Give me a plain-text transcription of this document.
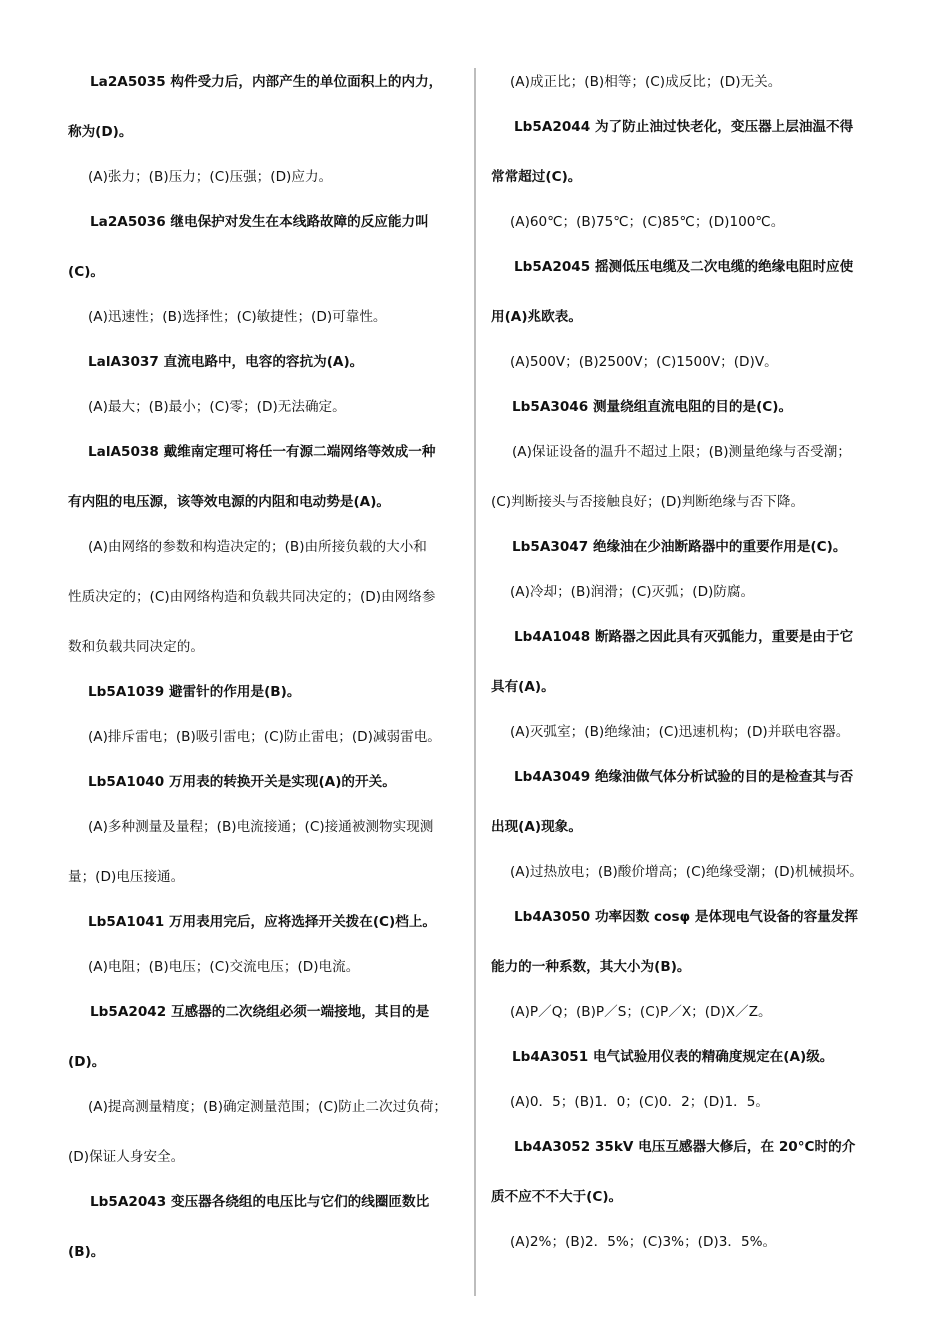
La2A5035 构件受力后，内部产生的单位面积上的内力，
称为(D)。
(A)张力；(B)压力；(C)压强；(D)应力。
La2A5036 继电保护对发生在本线路故障的反应能力叫
(C)。
(A)迅速性；(B)选择性；(C)敏捷性；(D)可靠性。
LalA3037 直流电路中，电容的容抗为(A)。
(A)最大；(B)最小；(C)零；(D)无法确定。
LalA5038 戴维南定理可将任一有源二端网络等效成一种
有内阻的电压源，该等效电源的内阻和电动势是(A)。
(A)由网络的参数和构造决定的；(B)由所接负载的大小和
性质决定的；(C)由网络构造和负载共同决定的；(D)由网络参
数和负载共同决定的。
Lb5A1039 避雷针的作用是(B)。
(A)排斥雷电；(B)吸引雷电；(C)防止雷电；(D)减弱雷电。
Lb5A1040 万用表的转换开关是实现(A)的开关。
(A)多种测量及量程；(B)电流接通；(C)接通被测物实现测
量；(D)电压接通。
Lb5A1041 万用表用完后，应将选择开关拨在(C)档上。
(A)电阻；(B)电压；(C)交流电压；(D)电流。
Lb5A2042 互感器的二次绕组必须一端接地，其目的是
(D)。
(A)提高测量精度；(B)确定测量范围；(C)防止二次过负荷；
(D)保证人身安全。
Lb5A2043 变压器各绕组的电压比与它们的线圈匝数比
(B)。
(A)成正比；(B)相等；(C)成反比；(D)无关。
Lb5A2044 为了防止油过快老化，变压器上层油温不得
常常超过(C)。
(A)60℃；(B)75℃；(C)85℃；(D)100℃。
Lb5A2045 摇测低压电缆及二次电缆的绝缘电阻时应使
用(A)兆欧表。
(A)500V；(B)2500V；(C)1500V；(D)V。
Lb5A3046 测量绕组直流电阻的目的是(C)。
(A)保证设备的温升不超过上限；(B)测量绝缘与否受潮；
(C)判断接头与否接触良好；(D)判断绝缘与否下降。
Lb5A3047 绝缘油在少油断路器中的重要作用是(C)。
(A)冷却；(B)润滑；(C)灭弧；(D)防腐。
Lb4A1048 断路器之因此具有灭弧能力，重要是由于它
具有(A)。
(A)灭弧室；(B)绝缘油；(C)迅速机构；(D)并联电容器。
Lb4A3049 绝缘油做气体分析试验的目的是检查其与否
出现(A)现象。
(A)过热放电；(B)酸价增高；(C)绝缘受潮；(D)机械损坏。
Lb4A3050 功率因数 cosφ 是体现电气设备的容量发挥
能力的一种系数，其大小为(B)。
(A)P／Q；(B)P／S；(C)P／X；(D)X／Z。
Lb4A3051 电气试验用仪表的精确度规定在(A)级。
(A)0．5；(B)1．0；(C)0．2；(D)1．5。
Lb4A3052 35kV 电压互感器大修后，在 20°C时的介
质不应不不大于(C)。
(A)2%；(B)2．5%；(C)3%；(D)3．5%。
